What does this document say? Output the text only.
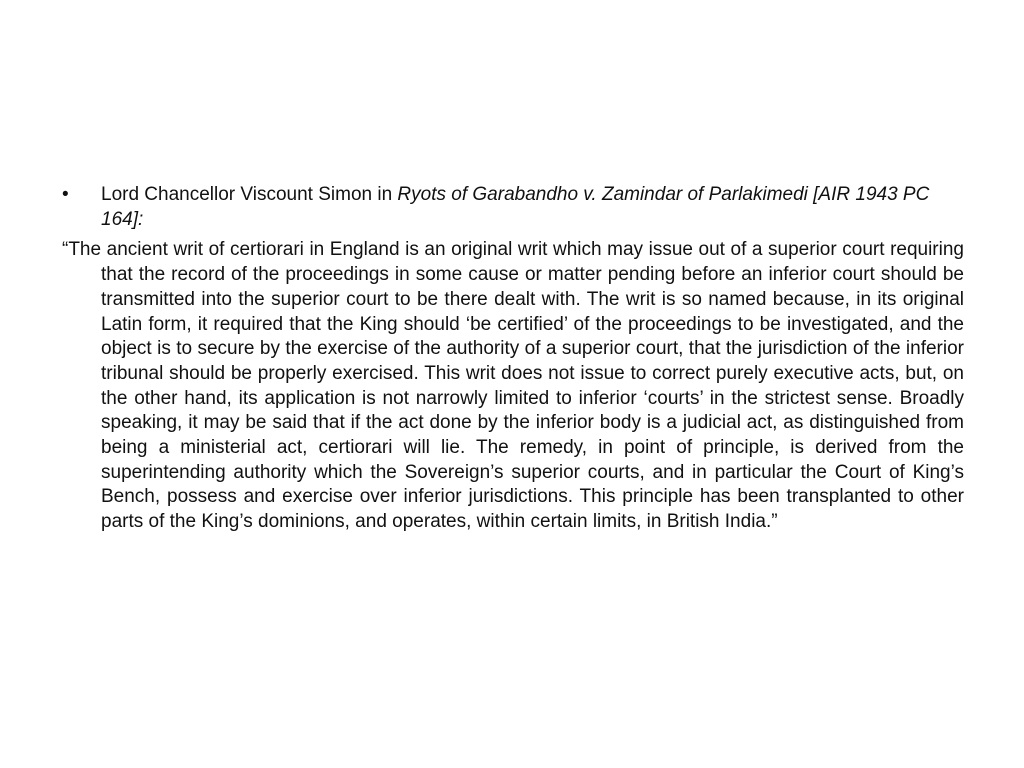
• Lord Chancellor Viscount Simon in Ryots of Garabandho v. Zamindar of Parlakimedi [AIR 1943 PC 164]:

“The ancient writ of certiorari in England is an original writ which may issue out of a superior court requiring that the record of the proceedings in some cause or matter pending before an inferior court should be transmitted into the superior court to be there dealt with. The writ is so named because, in its original Latin form, it required that the King should ‘be certified’ of the proceedings to be investigated, and the object is to secure by the exercise of the authority of a superior court, that the jurisdiction of the inferior tribunal should be properly exercised. This writ does not issue to correct purely executive acts, but, on the other hand, its application is not narrowly limited to inferior ‘courts’ in the strictest sense. Broadly speaking, it may be said that if the act done by the inferior body is a judicial act, as distinguished from being a ministerial act, certiorari will lie. The remedy, in point of principle, is derived from the superintending authority which the Sovereign’s superior courts, and in particular the Court of King’s Bench, possess and exercise over inferior jurisdictions. This principle has been transplanted to other parts of the King’s dominions, and operates, within certain limits, in British India.”
